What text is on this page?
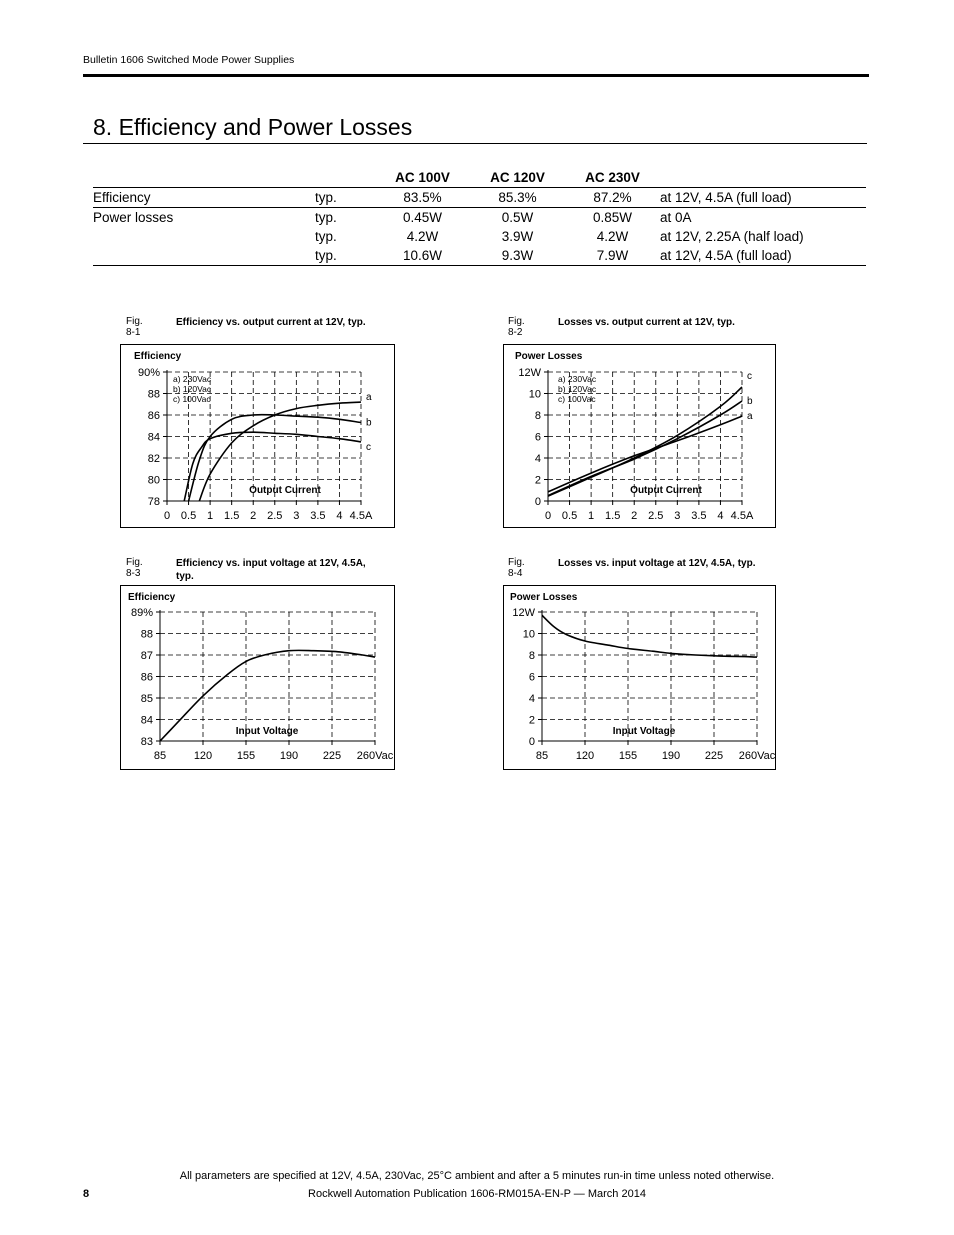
Bulletin 1606 Switched Mode Power Supplies
8. Efficiency and Power Losses
		AC 100V	AC 120V	AC 230V	
Efficiency	typ.	83.5%	85.3%	87.2%	at 12V, 4.5A (full load)
Power losses	typ.	0.45W	0.5W	0.85W	at 0A
	typ.	4.2W	3.9W	4.2W	at 12V, 2.25A (half load)
	typ.	10.6W	9.3W	7.9W	at 12V, 4.5A (full load)
Fig. 8-1
Efficiency vs. output current at 12V, typ.	Fig. 8-2
Losses vs. output current at 12V, typ.
Fig. 8-3
Efficiency vs. input voltage at 12V, 4.5A, typ.
Fig. 8-4
Losses vs. input voltage at 12V, 4.5A, typ.
Efficiency
0 0.5 1 1.5 2 2.5 3 3.5 4 4.5A
78
80
82
84
86
88
90%
Output Current
a) 230Vac
b) 120Vac
c) 100Vac	a
b
c
Power Losses
0 0.5 1 1.5 2 2.5 3 3.5 4 4.5A
0
2
4
6
8
10
12W
Output Current
a) 230Vac
b) 120Vac
c) 100Vac
c
b
a
Efficiency
85	120 155 190 225 260Vac
83
84
85
86
87
88
89%
Input Voltage
Power Losses
85	120 155 190 225 260Vac
0
2
4
6
8
10
12W
Input Voltage
All parameters are specified at 12V, 4.5A, 230Vac, 25°C ambient and after a 5 minutes run-in time unless noted otherwise.
8	Rockwell Automation Publication 1606-RM015A-EN-P — March 2014
